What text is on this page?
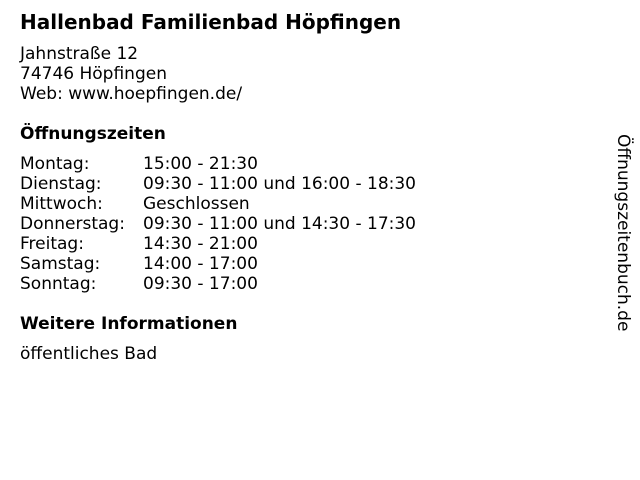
Hallenbad Familienbad Höpfingen
Jahnstraße 12
74746 Höpfingen
Web: www.hoepfingen.de/
Öffnungszeiten
Montag:	15:00 - 21:30
Dienstag:	09:30 - 11:00 und 16:00 - 18:30
Mittwoch:	Geschlossen
Donnerstag:	09:30 - 11:00 und 14:30 - 17:30
Freitag:	14:30 - 21:00
Samstag:	14:00 - 17:00
Sonntag:	09:30 - 17:00
Weitere Informationen
öffentliches Bad
Öffnungszeitenbuch.de
